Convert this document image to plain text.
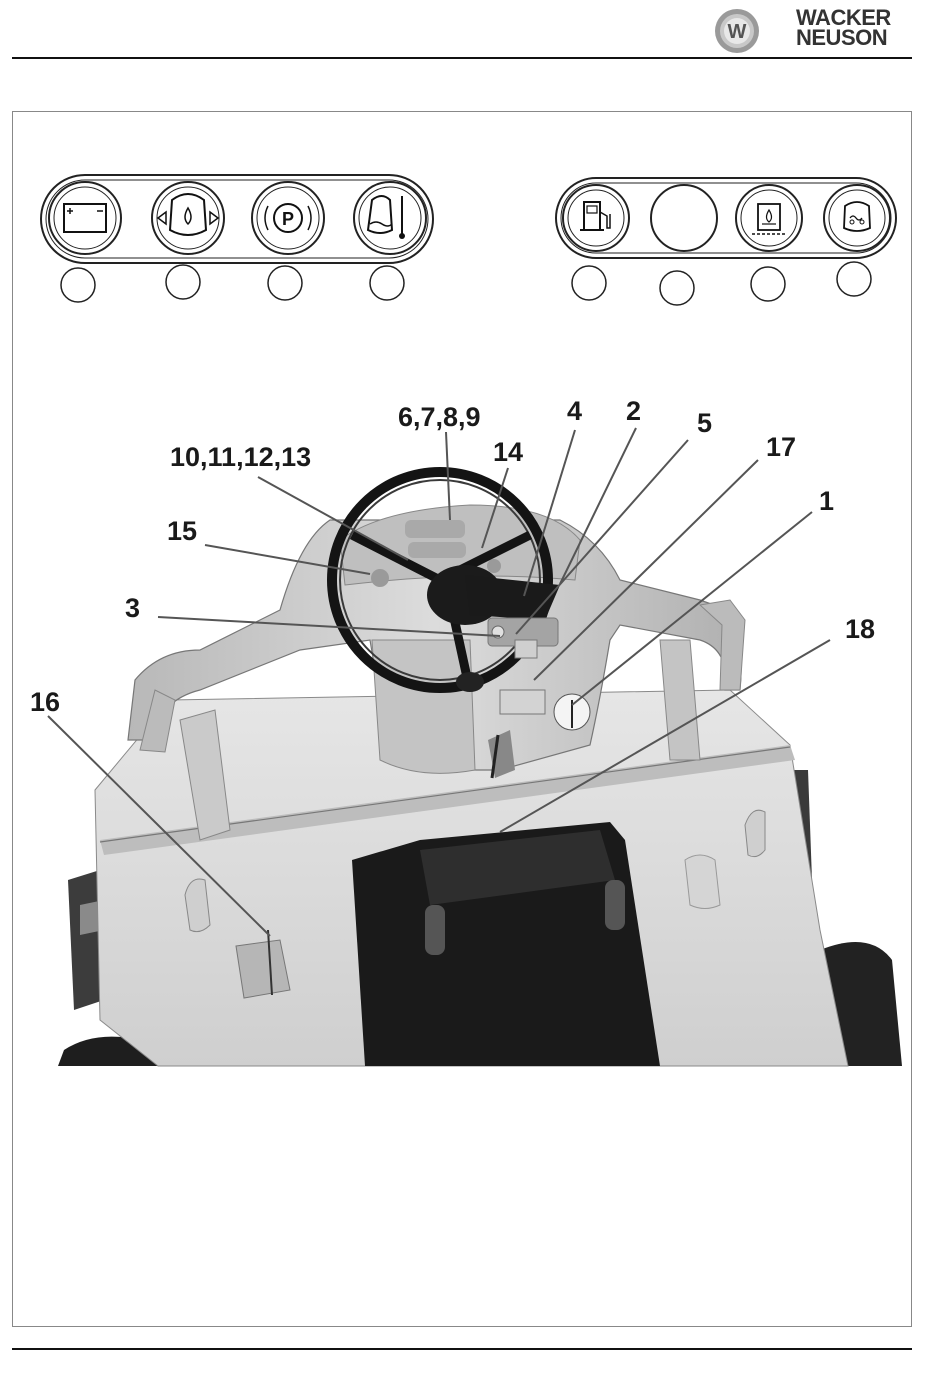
W
WACKER
NEUSON
P
6,7,8,9	4 2 5
17
10,11,12,13	14
1
15
3
18
16
